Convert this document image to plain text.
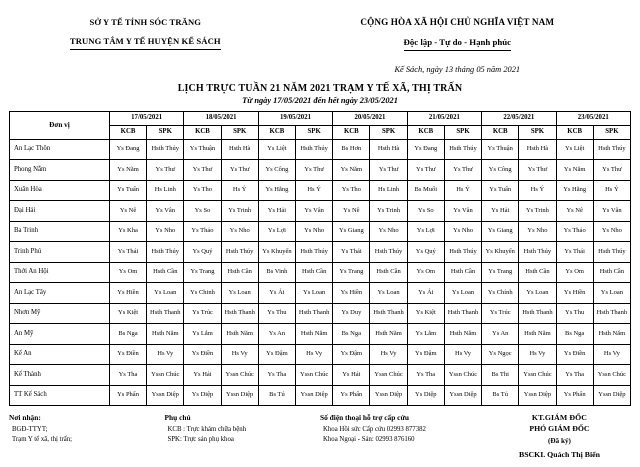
SỞ Y TẾ TỈNH SÓC TRĂNG
TRUNG TÂM Y TẾ HUYỆN KẾ SÁCH
CỘNG HÒA XÃ HỘI CHỦ NGHĨA VIỆT NAM
Độc lập - Tự do - Hạnh phúc
Kế Sách, ngày 13 tháng 05 năm 2021
LỊCH TRỰC TUẦN 21 NĂM 2021 TRẠM Y TẾ XÃ, THỊ TRẤN
Từ ngày 17/05/2021 đến hết ngày 23/05/2021
Đơn vị	17/05/2021		18/05/2021		19/05/2021		20/05/2021		21/05/2021		22/05/2021		23/05/2021	
	KCB	SPK	KCB	SPK	KCB	SPK	KCB	SPK	KCB	SPK	KCB	SPK	KCB	SPK
An Lạc Thôn	Ys Đang	Hsth Thúy	Ys Thuận	Hsth Hà	Ys Liệt	Hsth Thúy	Bs Hơn	Hsth Hà	Ys Đang	Hsth Thúy	Ys Thuận	Hsth Hà	Ys Liệt	Hsth Thúy
Phong Nẫm	Ys Năm	Ys Thư	Ys Thư	Ys Thư	Ys Công	Ys Thư	Ys Năm	Ys Thư	Ys Thư	Ys Thư	Ys Công	Ys Thư	Ys Năm	Ys Thư
Xuân Hòa	Ys Tuấn	Hs Linh	Ys Tho	Hs Ý	Ys Hằng	Hs Ý	Ys Tho	Hs Linh	Bs Muổi	Hs Ý	Ys Tuấn	Hs Ý	Ys Hằng	Hs Ý
Đại Hải	Ys Nê	Ys Vân	Ys So	Ys Trinh	Ys Hải	Ys Vân	Ys Nê	Ys Trinh	Ys So	Ys Vân	Ys Hải	Ys Trinh	Ys Nê	Ys Vân
Ba Trinh	Ys Kha	Ys Nho	Ys Thảo	Ys Nho	Ys Lợi	Ys Nho	Ys Giang	Ys Nho	Ys Lợi	Ys Nho	Ys Giang	Ys Nho	Ys Thảo	Ys Nho
Trinh Phú	Ys Thái	Hsth Thúy	Ys Quý	Hsth Thúy	Ys Khuyến	Hsth Thúy	Ys Thái	Hsth Thúy	Ys Quý	Hsth Thúy	Ys Khuyến	Hsth Thúy	Ys Thái	Hsth Thúy
Thới An Hội	Ys Om	Hsth Cần	Ys Trang	Hsth Cần	Bs Vinh	Hsth Cần	Ys Trang	Hsth Cần	Ys Om	Hsth Cần	Ys Trang	Hsth Cần	Ys Om	Hsth Cần
An Lạc Tây	Ys Hiền	Ys Loan	Ys Chinh	Ys Loan	Ys Ái	Ys Loan	Ys Hiền	Ys Loan	Ys Ái	Ys Loan	Ys Chính	Ys Loan	Ys Hiền	Ys Loan
Nhơn Mỹ	Ys Kiệt	Hsth Thanh	Ys Trúc	Hsth Thanh	Ys Thu	Hsth Thanh	Ys Duy	Hsth Thanh	Ys Kiệt	Hsth Thanh	Ys Trúc	Hsth Thanh	Ys Thu	Hsth Thanh
An Mỹ	Bs Nga	Hsth Năm	Ys Lắm	Hsth Năm	Ys An	Hsth Năm	Bs Nga	Hsth Năm	Ys Lắm	Hsth Năm	Ys An	Hsth Năm	Bs Nga	Hsth Năm
Kế An	Ys Điền	Hs Vy	Ys Điền	Hs Vy	Ys Đậm	Hs Vy	Ys Đậm	Hs Vy	Ys Đậm	Hs Vy	Ys Ngọc	Hs Vy	Ys Điền	Hs Vy
Kế Thành	Ys Tha	Yssn Chúc	Ys Hải	Yssn Chúc	Ys Tha	Yssn Chúc	Ys Hải	Yssn Chúc	Ys Tha	Yssn Chúc	Bs Thi	Yssn Chúc	Ys Tha	Yssn Chúc
TT Kế Sách	Ys Phẩn	Yssn Diệp	Ys Diệp	Yssn Diệp	Bs Tú	Yssn Diệp	Ys Phẩn	Yssn Diệp	Ys Diệp	Yssn Diệp	Bs Tú	Yssn Diệp	Ys Phẩn	Yssn Diệp
Nơi nhận:
BGĐ-TTYT;
Trạm Y tế xã, thị trấn;
Phụ chú
KCB : Trực khám chữa bệnh
SPK: Trực sản phụ khoa
Số điện thoại hỗ trợ cấp cứu
Khoa Hồi sức Cấp cứu 02993 877382
Khoa Ngoại - Sản: 02993 876160
KT.GIÁM ĐỐC
PHÓ GIÁM ĐỐC
(Đã ký)
BSCKI. Quách Thị Biển
